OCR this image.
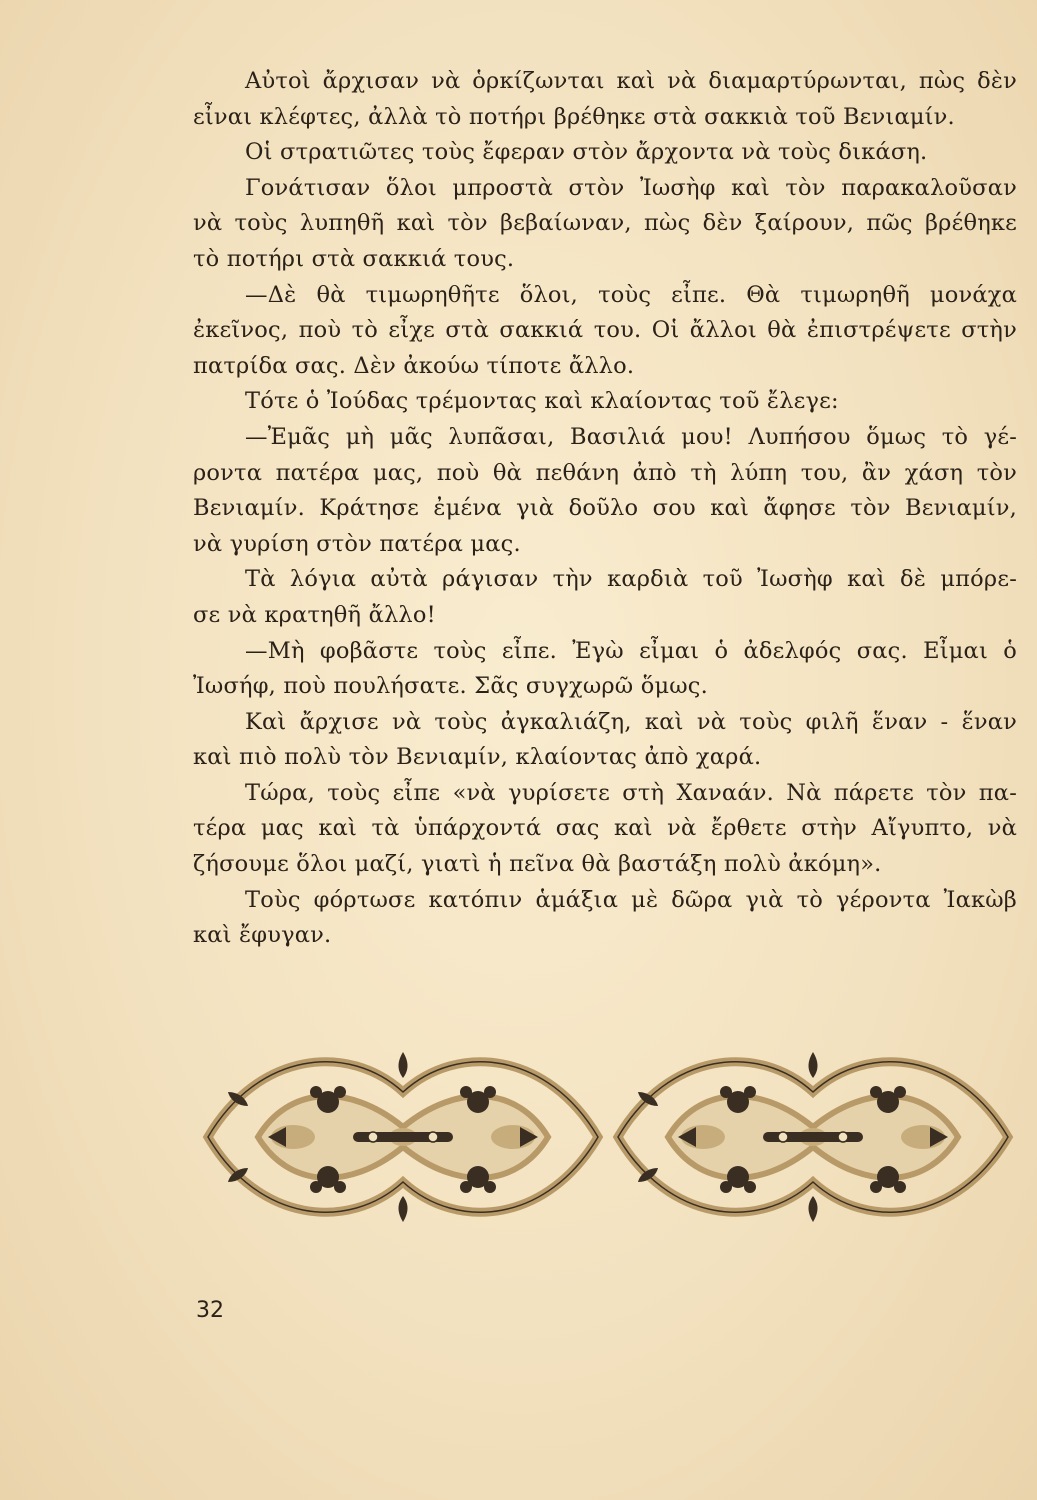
Αὐτοὶ ἄρχισαν νὰ ὁρκίζωνται καὶ νὰ διαμαρτύρωνται, πὼς δὲν
εἶναι κλέφτες, ἀλλὰ τὸ ποτήρι βρέθηκε στὰ σακκιὰ τοῦ Βενιαμίν.
Οἱ στρατιῶτες τοὺς ἔφεραν στὸν ἄρχοντα νὰ τοὺς δικάση.
Γονάτισαν ὅλοι μπροστὰ στὸν Ἰωσὴφ καὶ τὸν παρακαλοῦσαν
νὰ τοὺς λυπηθῆ καὶ τὸν βεβαίωναν, πὼς δὲν ξαίρουν, πῶς βρέθηκε
τὸ ποτήρι στὰ σακκιά τους.
—Δὲ θὰ τιμωρηθῆτε ὅλοι, τοὺς εἶπε. Θὰ τιμωρηθῆ μονάχα
ἐκεῖνος, ποὺ τὸ εἶχε στὰ σακκιά του. Οἱ ἄλλοι θὰ ἐπιστρέψετε στὴν
πατρίδα σας. Δὲν ἀκούω τίποτε ἄλλο.
Τότε ὁ Ἰούδας τρέμοντας καὶ κλαίοντας τοῦ ἔλεγε:
—Ἐμᾶς μὴ μᾶς λυπᾶσαι, Βασιλιά μου! Λυπήσου ὅμως τὸ γέ-
ροντα πατέρα μας, ποὺ θὰ πεθάνη ἀπὸ τὴ λύπη του, ἂν χάση τὸν
Βενιαμίν. Κράτησε ἐμένα γιὰ δοῦλο σου καὶ ἄφησε τὸν Βενιαμίν,
νὰ γυρίση στὸν πατέρα μας.
Τὰ λόγια αὐτὰ ράγισαν τὴν καρδιὰ τοῦ Ἰωσὴφ καὶ δὲ μπόρε-
σε νὰ κρατηθῆ ἄλλο!
—Μὴ φοβᾶστε τοὺς εἶπε. Ἐγὼ εἶμαι ὁ ἀδελφός σας. Εἶμαι ὁ
Ἰωσήφ, ποὺ πουλήσατε. Σᾶς συγχωρῶ ὅμως.
Καὶ ἄρχισε νὰ τοὺς ἀγκαλιάζη, καὶ νὰ τοὺς φιλῆ ἕναν - ἕναν
καὶ πιὸ πολὺ τὸν Βενιαμίν, κλαίοντας ἀπὸ χαρά.
Τώρα, τοὺς εἶπε «νὰ γυρίσετε στὴ Χαναάν. Νὰ πάρετε τὸν πα-
τέρα μας καὶ τὰ ὑπάρχοντά σας καὶ νὰ ἔρθετε στὴν Αἴγυπτο, νὰ
ζήσουμε ὅλοι μαζί, γιατὶ ἡ πεῖνα θὰ βαστάξη πολὺ ἀκόμη».
Τοὺς φόρτωσε κατόπιν ἁμάξια μὲ δῶρα γιὰ τὸ γέροντα Ἰακὼβ
καὶ ἔφυγαν.
32
